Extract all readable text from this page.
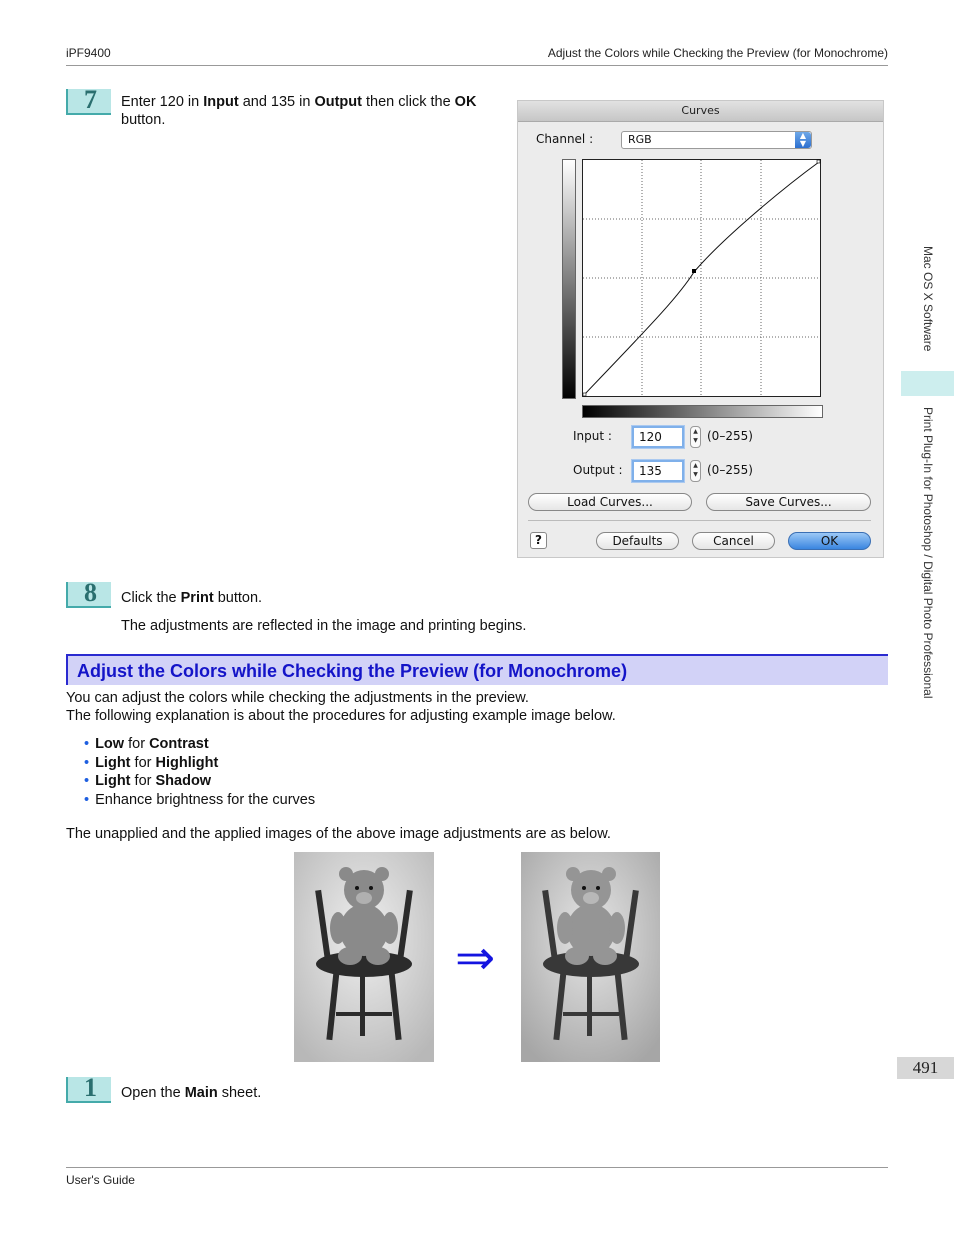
iPF9400	Adjust the Colors while Checking the Preview (for Monochrome)
7 Enter 120 in Input and 135 in Output then click the OK button.
Curves
Channel :	RGB	▲
▼
Input :	120	▲
▼ (0–255)
Output :	135	▲
▼ (0–255)
Load Curves...	Save Curves...
?	Defaults	Cancel	OK
8 Click the Print button.
The adjustments are reflected in the image and printing begins.
Adjust the Colors while Checking the Preview (for Monochrome)
You can adjust the colors while checking the adjustments in the preview.
The following explanation is about the procedures for adjusting example image below.
• Low for Contrast
• Light for Highlight
• Light for Shadow
• Enhance brightness for the curves
The unapplied and the applied images of the above image adjustments are as below.
⇒
1 Open the Main sheet.
User's Guide
Mac OS X Software
Print Plug-In for Photoshop / Digital Photo Professional
491
